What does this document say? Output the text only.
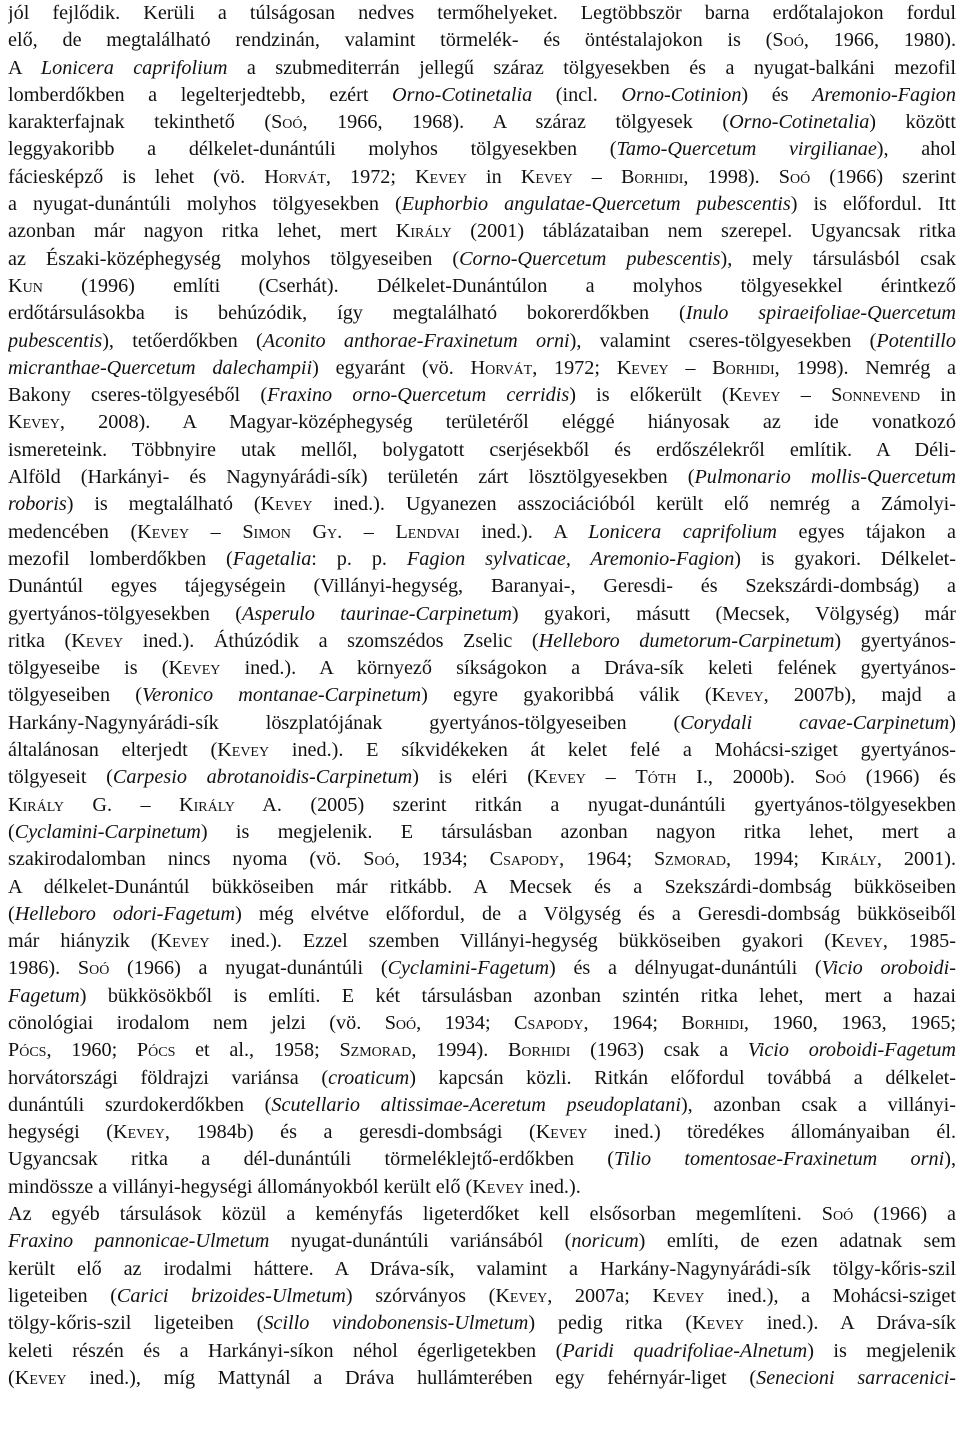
jól fejlődik. Kerüli a túlságosan nedves termőhelyeket. Legtöbbször barna erdőtalajokon fordul
elő, de megtalálható rendzinán, valamint törmelék- és öntéstalajokon is (Soó, 1966, 1980).
A Lonicera caprifolium a szubmediterrán jellegű száraz tölgyesekben és a nyugat-balkáni mezofil
lomberdőkben a legelterjedtebb, ezért Orno-Cotinetalia (incl. Orno-Cotinion) és Aremonio-Fagion
karakterfajnak tekinthető (Soó, 1966, 1968). A száraz tölgyesek (Orno-Cotinetalia) között
leggyakoribb a délkelet-dunántúli molyhos tölgyesekben (Tamo-Quercetum virgilianae), ahol
fáciesképző is lehet (vö. Horvát, 1972; Kevey in Kevey – Borhidi, 1998). Soó (1966) szerint
a nyugat-dunántúli molyhos tölgyesekben (Euphorbio angulatae-Quercetum pubescentis) is előfordul. Itt
azonban már nagyon ritka lehet, mert Király (2001) táblázataiban nem szerepel. Ugyancsak ritka
az Északi-középhegység molyhos tölgyeseiben (Corno-Quercetum pubescentis), mely társulásból csak
Kun (1996) említi (Cserhát). Délkelet-Dunántúlon a molyhos tölgyesekkel érintkező
erdőtársulásokba is behúzódik, így megtalálható bokorerdőkben (Inulo spiraeifoliae-Quercetum
pubescentis), tetőerdőkben (Aconito anthorae-Fraxinetum orni), valamint cseres-tölgyesekben (Potentillo
micranthae-Quercetum dalechampii) egyaránt (vö. Horvát, 1972; Kevey – Borhidi, 1998). Nemrég a
Bakony cseres-tölgyeséből (Fraxino orno-Quercetum cerridis) is előkerült (Kevey – Sonnevend in
Kevey, 2008). A Magyar-középhegység területéről eléggé hiányosak az ide vonatkozó
ismereteink. Többnyire utak mellől, bolygatott cserjésekből és erdőszélekről említik. A Déli-
Alföld (Harkányi- és Nagynyárádi-sík) területén zárt lösztölgyesekben (Pulmonario mollis-Quercetum
roboris) is megtalálható (Kevey ined.). Ugyanezen asszociációból került elő nemrég a Zámolyi-
medencében (Kevey – Simon Gy. – Lendvai ined.). A Lonicera caprifolium egyes tájakon a
mezofil lomberdőkben (Fagetalia: p. p. Fagion sylvaticae, Aremonio-Fagion) is gyakori. Délkelet-
Dunántúl egyes tájegységein (Villányi-hegység, Baranyai-, Geresdi- és Szekszárdi-dombság) a
gyertyános-tölgyesekben (Asperulo taurinae-Carpinetum) gyakori, másutt (Mecsek, Völgység) már
ritka (Kevey ined.). Áthúzódik a szomszédos Zselic (Helleboro dumetorum-Carpinetum) gyertyános-
tölgyeseibe is (Kevey ined.). A környező síkságokon a Dráva-sík keleti felének gyertyános-
tölgyeseiben (Veronico montanae-Carpinetum) egyre gyakoribbá válik (Kevey, 2007b), majd a
Harkány-Nagynyárádi-sík löszplatójának gyertyános-tölgyeseiben (Corydali cavae-Carpinetum)
általánosan elterjedt (Kevey ined.). E síkvidékeken át kelet felé a Mohácsi-sziget gyertyános-
tölgyeseit (Carpesio abrotanoidis-Carpinetum) is eléri (Kevey – Tóth I., 2000b). Soó (1966) és
Király G. – Király A. (2005) szerint ritkán a nyugat-dunántúli gyertyános-tölgyesekben
(Cyclamini-Carpinetum) is megjelenik. E társulásban azonban nagyon ritka lehet, mert a
szakirodalomban nincs nyoma (vö. Soó, 1934; Csapody, 1964; Szmorad, 1994; Király, 2001).
A délkelet-Dunántúl bükköseiben már ritkább. A Mecsek és a Szekszárdi-dombság bükköseiben
(Helleboro odori-Fagetum) még elvétve előfordul, de a Völgység és a Geresdi-dombság bükköseiből
már hiányzik (Kevey ined.). Ezzel szemben Villányi-hegység bükköseiben gyakori (Kevey, 1985-
1986). Soó (1966) a nyugat-dunántúli (Cyclamini-Fagetum) és a délnyugat-dunántúli (Vicio oroboidi-
Fagetum) bükkösökből is említi. E két társulásban azonban szintén ritka lehet, mert a hazai
cönológiai irodalom nem jelzi (vö. Soó, 1934; Csapody, 1964; Borhidi, 1960, 1963, 1965;
Pócs, 1960; Pócs et al., 1958; Szmorad, 1994). Borhidi (1963) csak a Vicio oroboidi-Fagetum
horvátországi földrajzi variánsa (croaticum) kapcsán közli. Ritkán előfordul továbbá a délkelet-
dunántúli szurdokerdőkben (Scutellario altissimae-Aceretum pseudoplatani), azonban csak a villányi-
hegységi (Kevey, 1984b) és a geresdi-dombsági (Kevey ined.) töredékes állományaiban él.
Ugyancsak ritka a dél-dunántúli törmeléklejtő-erdőkben (Tilio tomentosae-Fraxinetum orni),
mindössze a villányi-hegységi állományokból került elő (Kevey ined.).
Az egyéb társulások közül a keményfás ligeterdőket kell elsősorban megemlíteni. Soó (1966) a
Fraxino pannonicae-Ulmetum nyugat-dunántúli variánsából (noricum) említi, de ezen adatnak sem
került elő az irodalmi háttere. A Dráva-sík, valamint a Harkány-Nagynyárádi-sík tölgy-kőris-szil
ligeteiben (Carici brizoides-Ulmetum) szórványos (Kevey, 2007a; Kevey ined.), a Mohácsi-sziget
tölgy-kőris-szil ligeteiben (Scillo vindobonensis-Ulmetum) pedig ritka (Kevey ined.). A Dráva-sík
keleti részén és a Harkányi-síkon néhol égerligetekben (Paridi quadrifoliae-Alnetum) is megjelenik
(Kevey ined.), míg Mattynál a Dráva hullámterében egy fehérnyár-liget (Senecioni sarracenici-
